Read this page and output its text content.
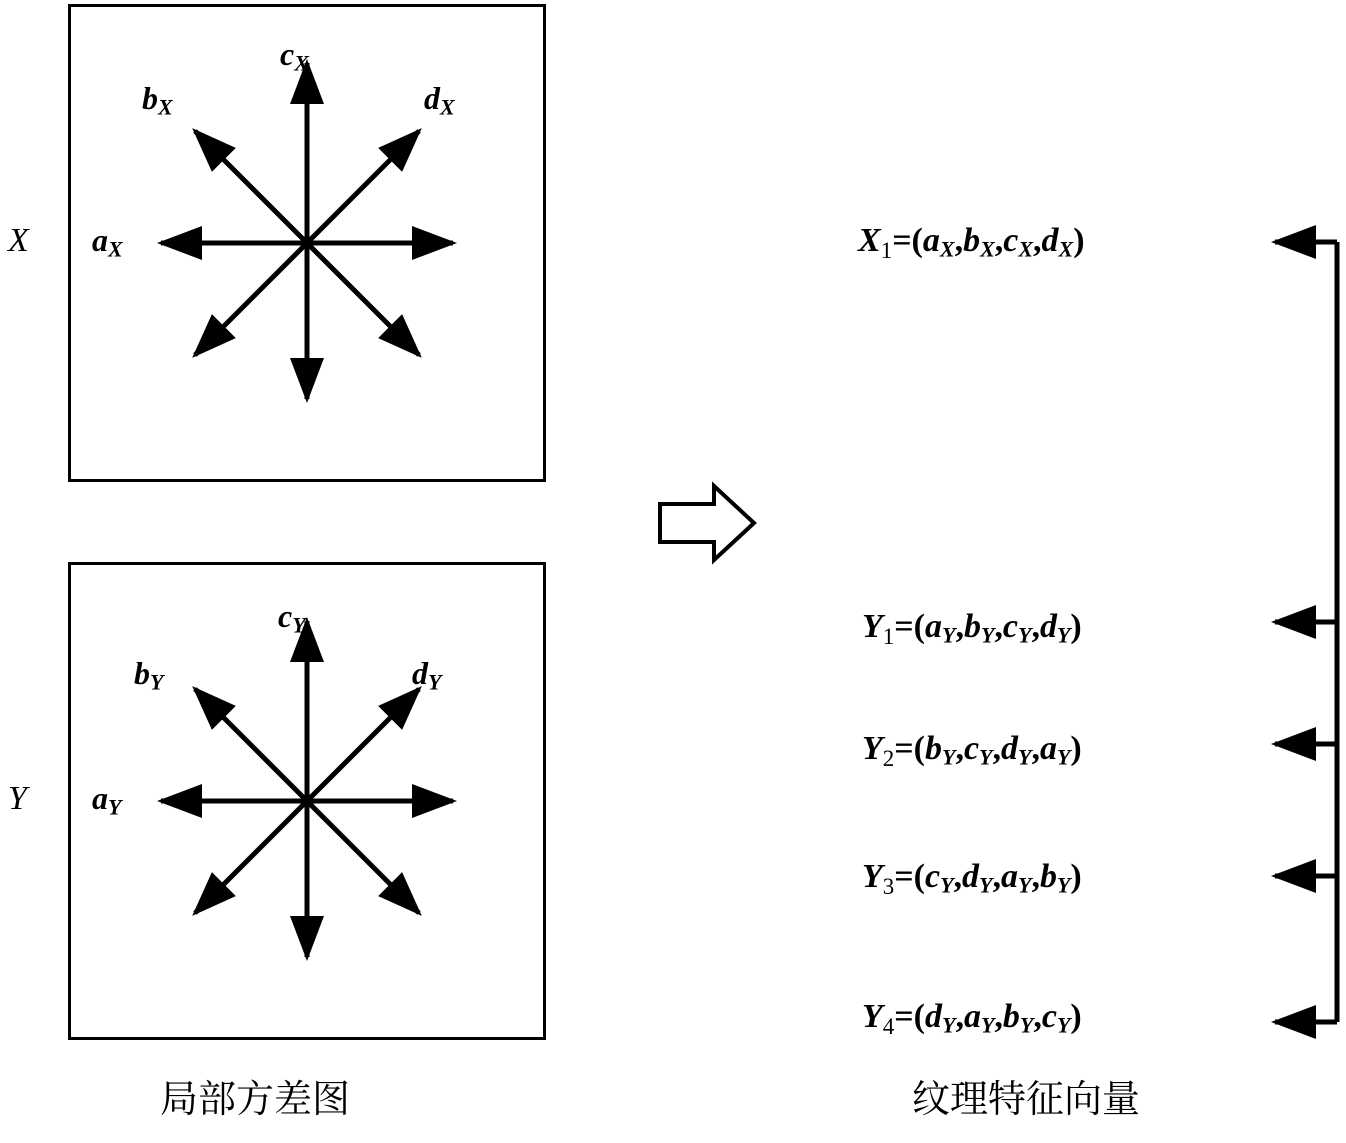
X $a_X$
$b_X$
$c_X$
$d_X$
Y $a_Y$
$b_Y$
$c_Y$
$d_Y$
$X_1=(aX,bX,cX,dX)$
$Y_1=(aY,bY,cY,dY)$
$Y_2=(bY,cY,dY,aY)$
$Y_3=(cY,dY,aY,bY)$
$Y_4=(dY,aY,bY,cY)$
局部方差图	纹理特征向量
